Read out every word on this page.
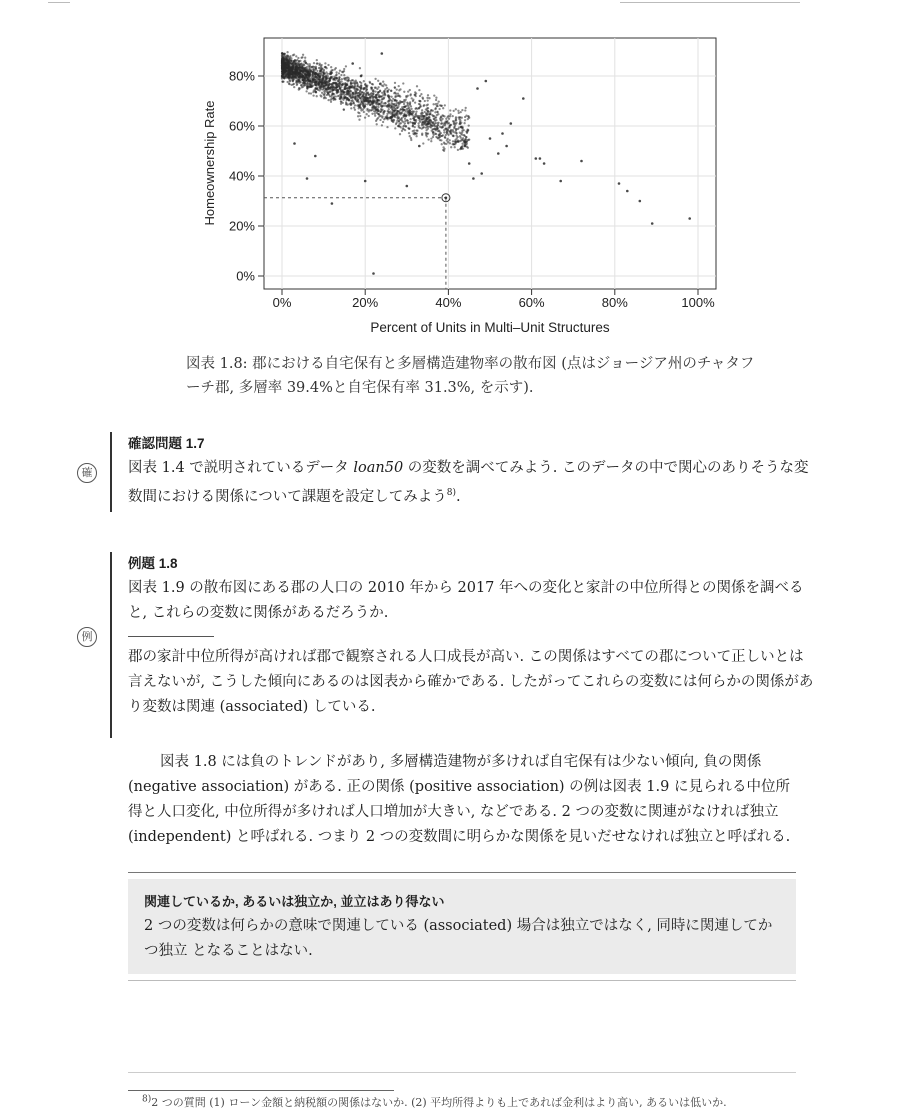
0%
20%
40%
60%
80%
0%	20%	40%	60%	80%	100%
Homeownership Rate
Percent of Units in Multi–Unit Structures
図表 1.8: 郡における自宅保有と多層構造建物率の散布図 (点はジョージア州のチャタフーチ郡, 多層率 39.4%と自宅保有率 31.3%, を示す).
確
確認問題 1.7
図表 1.4 で説明されているデータ loan50 の変数を調べてみよう. このデータの中で関心のありそうな変数間における関係について課題を設定してみよう$^{8)}$.
例
例題 1.8
図表 1.9 の散布図にある郡の人口の 2010 年から 2017 年への変化と家計の中位所得との関係を調べると, これらの変数に関係があるだろうか.
郡の家計中位所得が高ければ郡で観察される人口成長が高い. この関係はすべての郡について正しいとは言えないが, こうした傾向にあるのは図表から確かである. したがってこれらの変数には何らかの関係があり変数は関連 (associated) している.
図表 1.8 には負のトレンドがあり, 多層構造建物が多ければ自宅保有は少ない傾向, 負の関係 (negative association) がある. 正の関係 (positive association) の例は図表 1.9 に見られる中位所得と人口変化, 中位所得が多ければ人口増加が大きい, などである. 2 つの変数に関連がなければ独立 (independent) と呼ばれる. つまり 2 つの変数間に明らかな関係を見いだせなければ独立と呼ばれる.
関連しているか, あるいは独立か, 並立はあり得ない
2 つの変数は何らかの意味で関連している (associated) 場合は独立ではなく, 同時に関連してかつ独立 となることはない.
$^{8)}$2 つの質問 (1) ローン金額と納税額の関係はないか. (2) 平均所得よりも上であれば金利はより高い, あるいは低いか.
